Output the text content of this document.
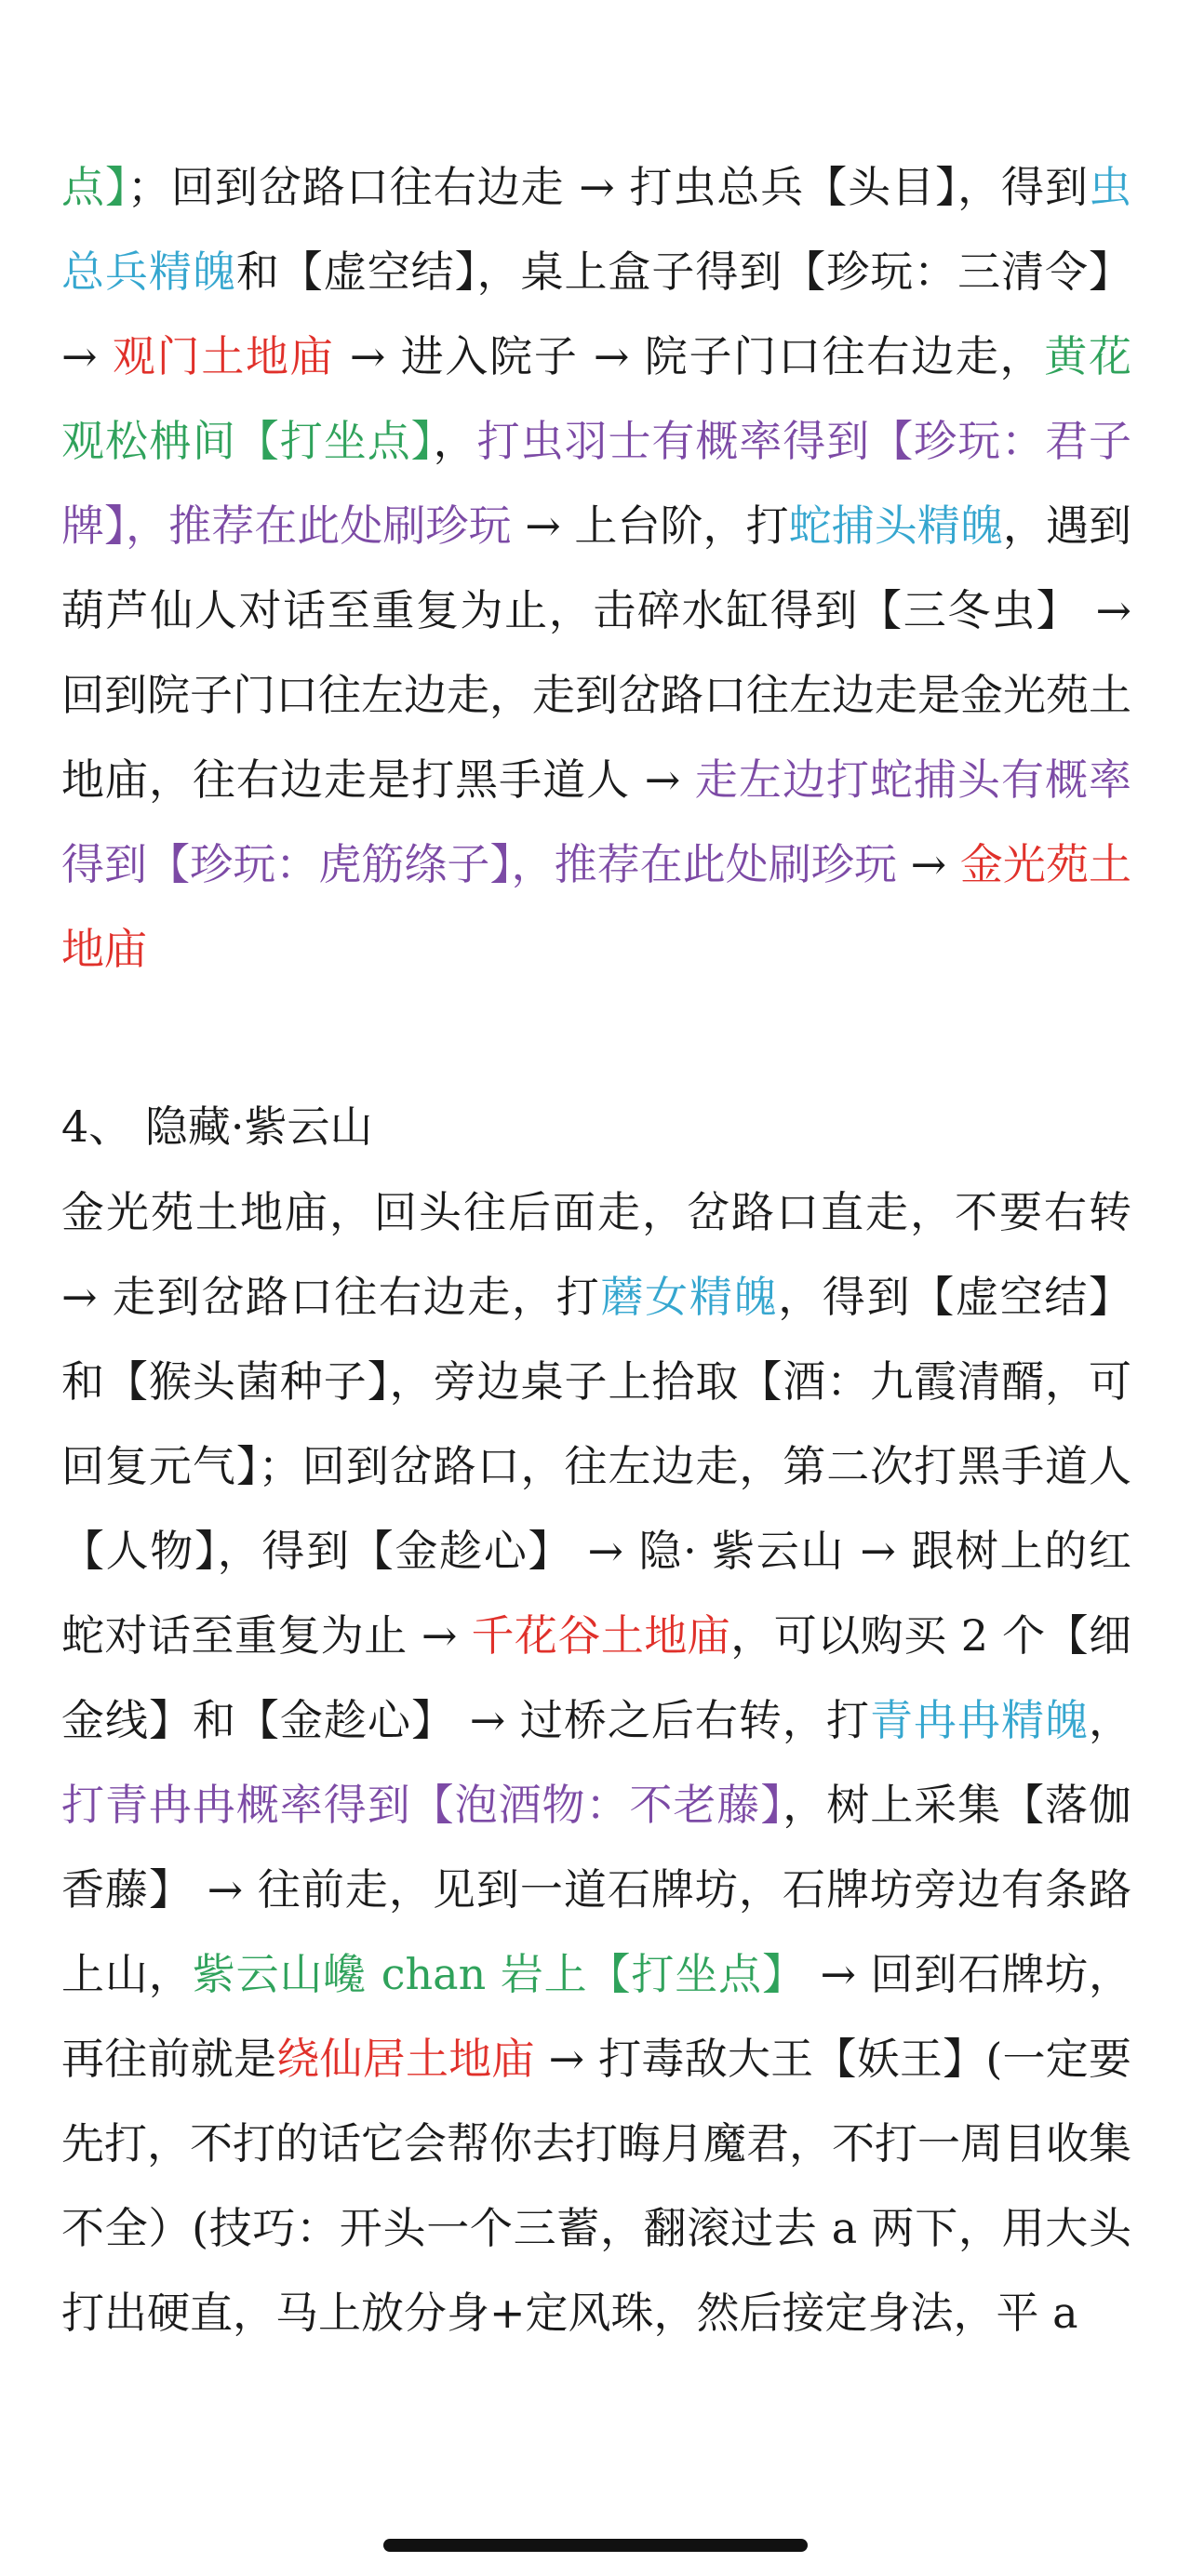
点】；回到岔路口往右边走 → 打虫总兵【头目】，得到虫总兵精魄和【虚空结】，桌上盒子得到【珍玩：三清令】 → 观门土地庙 → 进入院子 → 院子门口往右边走，黄花观松柟间【打坐点】，打虫羽士有概率得到【珍玩：君子牌】，推荐在此处刷珍玩 → 上台阶，打蛇捕头精魄，遇到葫芦仙人对话至重复为止，击碎水缸得到【三冬虫】 → 回到院子门口往左边走，走到岔路口往左边走是金光苑土地庙，往右边走是打黑手道人 → 走左边打蛇捕头有概率得到【珍玩：虎筋绦子】，推荐在此处刷珍玩 → 金光苑土地庙
4、 隐藏·紫云山
金光苑土地庙，回头往后面走，岔路口直走，不要右转 → 走到岔路口往右边走，打蘑女精魄，得到【虚空结】和【猴头菌种子】，旁边桌子上拾取【酒：九霞清醑，可回复元气】；回到岔路口，往左边走，第二次打黑手道人【人物】，得到【金趁心】 → 隐· 紫云山 → 跟树上的红蛇对话至重复为止 → 千花谷土地庙，可以购买 2 个【细金线】和【金趁心】 → 过桥之后右转，打青冉冉精魄，打青冉冉概率得到【泡酒物：不老藤】，树上采集【落伽香藤】 → 往前走，见到一道石牌坊，石牌坊旁边有条路上山，紫云山巉 chan 岩上【打坐点】 → 回到石牌坊，再往前就是绕仙居土地庙 → 打毒敌大王【妖王】(一定要先打，不打的话它会帮你去打晦月魔君，不打一周目收集不全）(技巧：开头一个三蓄，翻滚过去 a 两下，用大头打出硬直，马上放分身+定风珠，然后接定身法，平 a
